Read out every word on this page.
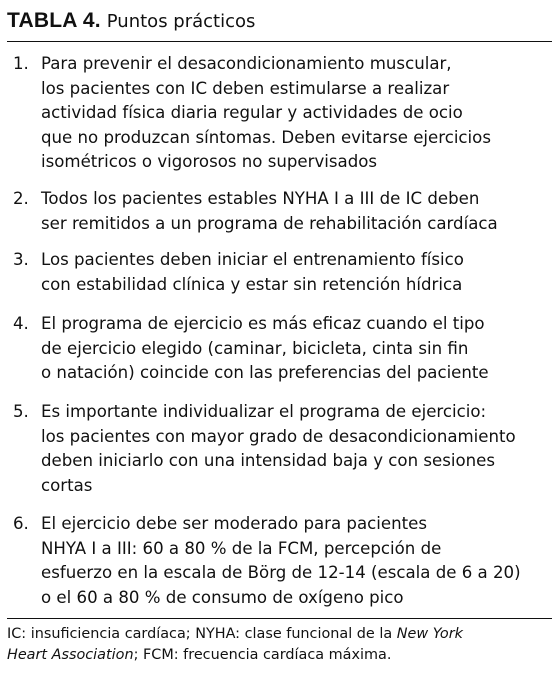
TABLA 4. Puntos prácticos
1. Para prevenir el desacondicionamiento muscular,
los pacientes con IC deben estimularse a realizar
actividad física diaria regular y actividades de ocio
que no produzcan síntomas. Deben evitarse ejercicios
isométricos o vigorosos no supervisados
2. Todos los pacientes estables NYHA I a III de IC deben
ser remitidos a un programa de rehabilitación cardíaca
3. Los pacientes deben iniciar el entrenamiento físico
con estabilidad clínica y estar sin retención hídrica
4. El programa de ejercicio es más eficaz cuando el tipo
de ejercicio elegido (caminar, bicicleta, cinta sin fin
o natación) coincide con las preferencias del paciente
5. Es importante individualizar el programa de ejercicio:
los pacientes con mayor grado de desacondicionamiento
deben iniciarlo con una intensidad baja y con sesiones
cortas
6. El ejercicio debe ser moderado para pacientes
NHYA I a III: 60 a 80 % de la FCM, percepción de
esfuerzo en la escala de Börg de 12-14 (escala de 6 a 20)
o el 60 a 80 % de consumo de oxígeno pico
IC: insuficiencia cardíaca; NYHA: clase funcional de la New York
Heart Association; FCM: frecuencia cardíaca máxima.
